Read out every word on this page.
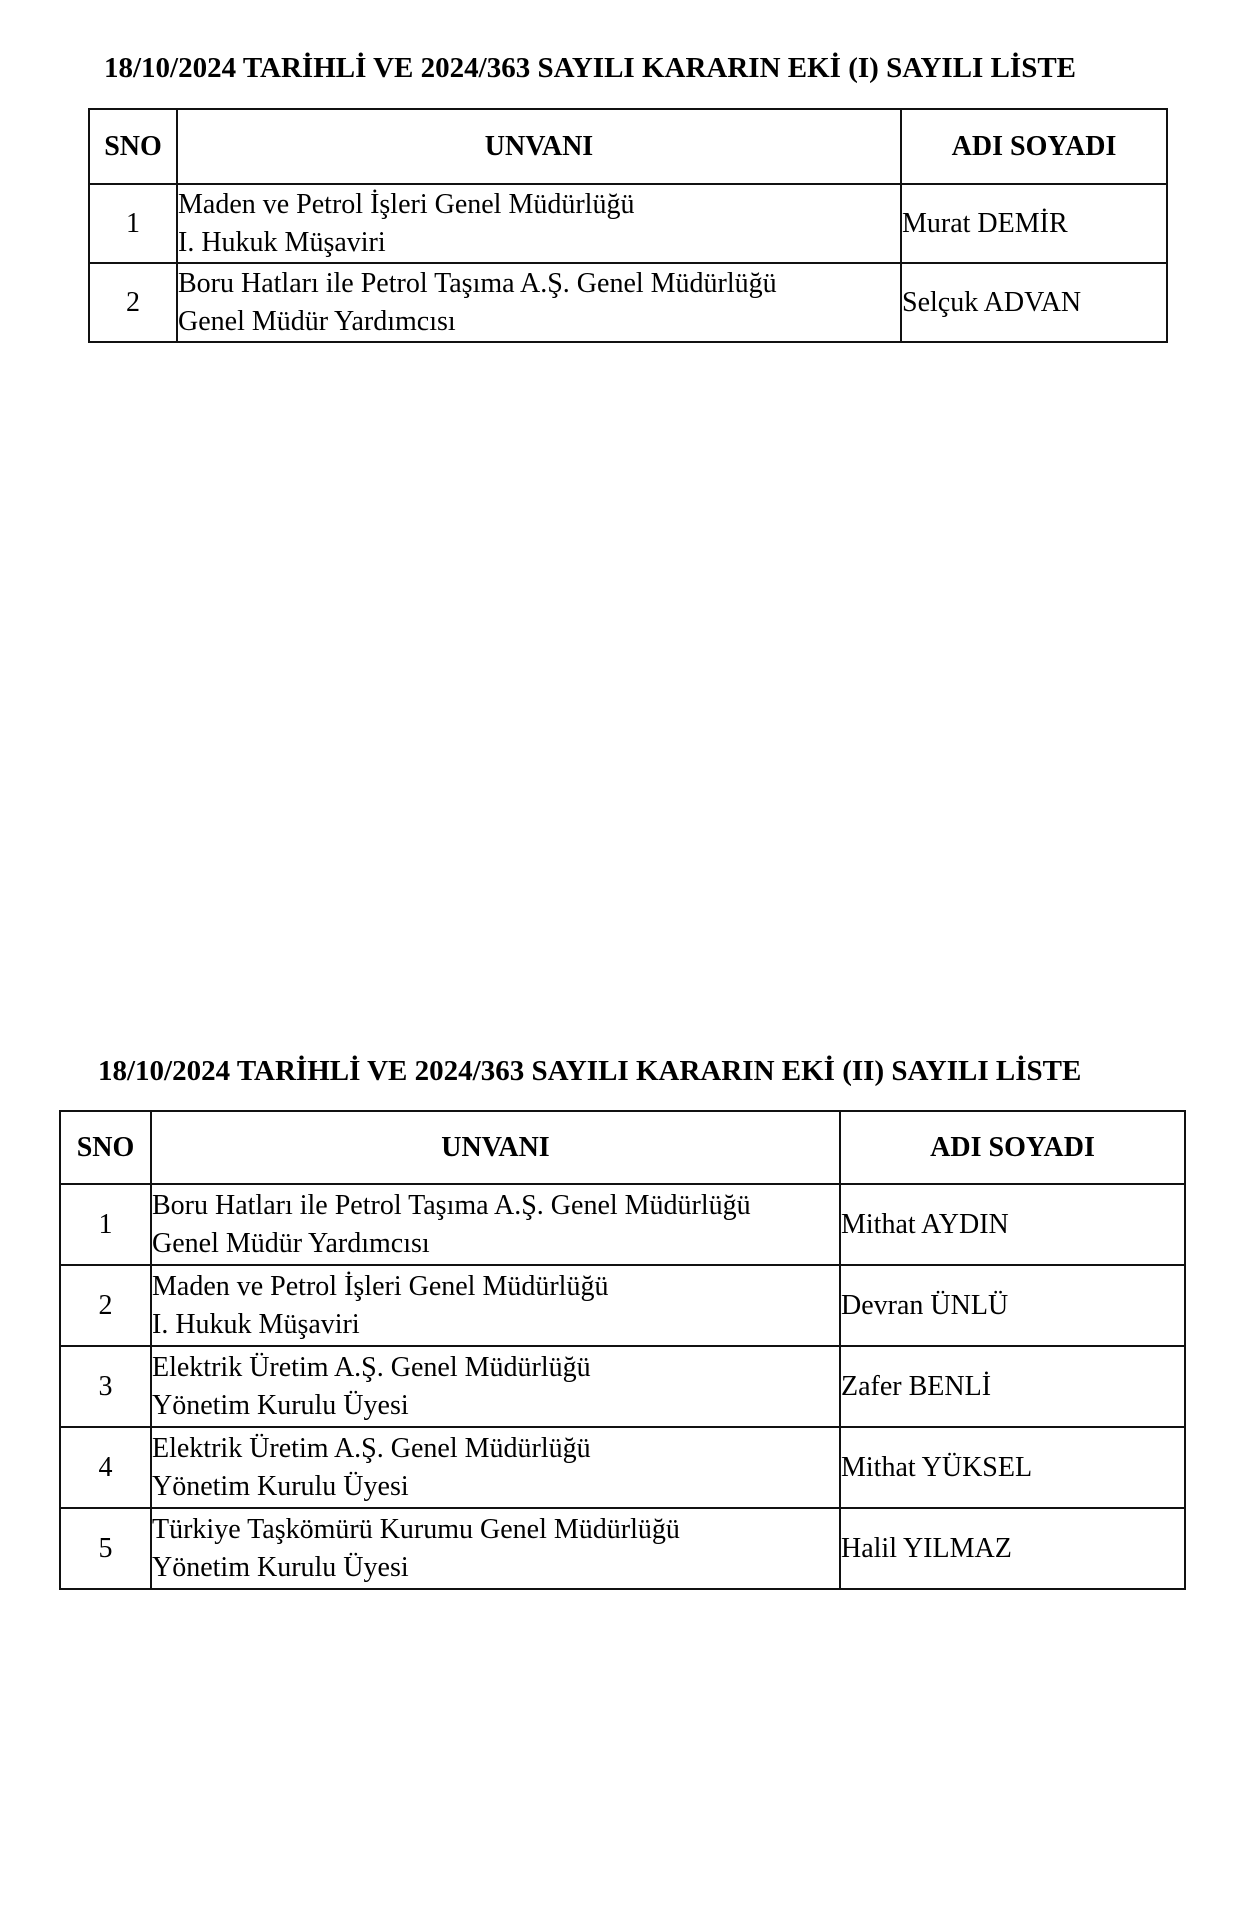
18/10/2024 TARİHLİ VE 2024/363 SAYILI KARARIN EKİ (I) SAYILI LİSTE
SNO	UNVANI	ADI SOYADI
1	Maden ve Petrol İşleri Genel Müdürlüğü
I. Hukuk Müşaviri	Murat DEMİR
2	Boru Hatları ile Petrol Taşıma A.Ş. Genel Müdürlüğü
Genel Müdür Yardımcısı	Selçuk ADVAN
18/10/2024 TARİHLİ VE 2024/363 SAYILI KARARIN EKİ (II) SAYILI LİSTE
SNO	UNVANI	ADI SOYADI
1	Boru Hatları ile Petrol Taşıma A.Ş. Genel Müdürlüğü
Genel Müdür Yardımcısı	Mithat AYDIN
2	Maden ve Petrol İşleri Genel Müdürlüğü
I. Hukuk Müşaviri	Devran ÜNLÜ
3	Elektrik Üretim A.Ş. Genel Müdürlüğü
Yönetim Kurulu Üyesi	Zafer BENLİ
4	Elektrik Üretim A.Ş. Genel Müdürlüğü
Yönetim Kurulu Üyesi	Mithat YÜKSEL
5	Türkiye Taşkömürü Kurumu Genel Müdürlüğü
Yönetim Kurulu Üyesi	Halil YILMAZ
